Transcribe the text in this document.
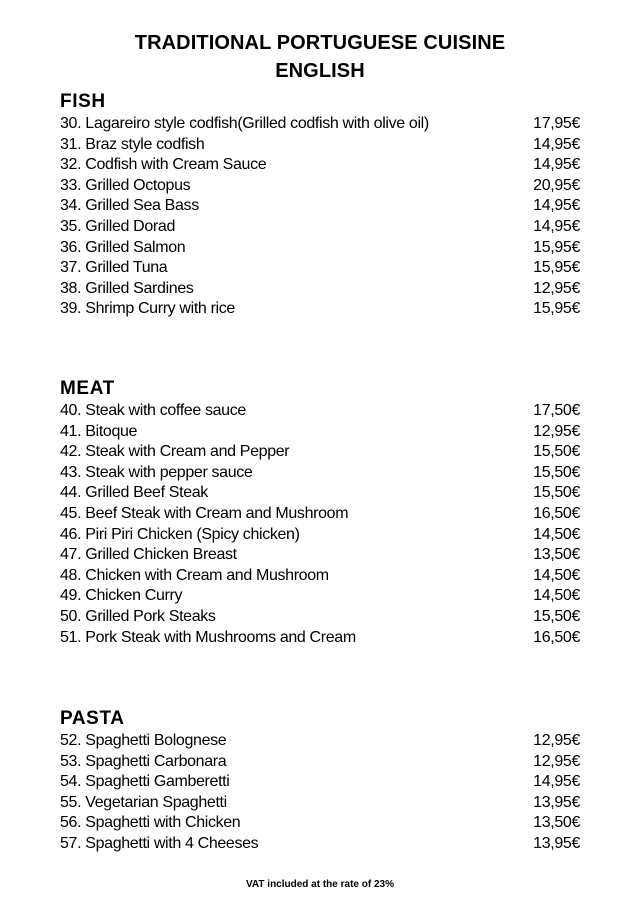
TRADITIONAL PORTUGUESE CUISINE
ENGLISH
FISH
30. Lagareiro style codfish(Grilled codfish with olive oil)	17,95€
31. Braz style codfish	14,95€
32. Codfish with Cream Sauce	14,95€
33. Grilled Octopus	20,95€
34. Grilled Sea Bass	14,95€
35. Grilled Dorad	14,95€
36. Grilled Salmon	15,95€
37. Grilled Tuna	15,95€
38. Grilled Sardines	12,95€
39. Shrimp Curry with rice	15,95€
MEAT
40. Steak with coffee sauce	17,50€
41. Bitoque	12,95€
42. Steak with Cream and Pepper	15,50€
43. Steak with pepper sauce	15,50€
44. Grilled Beef Steak	15,50€
45. Beef Steak with Cream and Mushroom	16,50€
46. Piri Piri Chicken (Spicy chicken)	14,50€
47. Grilled Chicken Breast	13,50€
48. Chicken with Cream and Mushroom	14,50€
49. Chicken Curry	14,50€
50. Grilled Pork Steaks	15,50€
51. Pork Steak with Mushrooms and Cream	16,50€
PASTA
52. Spaghetti Bolognese	12,95€
53. Spaghetti Carbonara	12,95€
54. Spaghetti Gamberetti	14,95€
55. Vegetarian Spaghetti	13,95€
56. Spaghetti with Chicken	13,50€
57. Spaghetti with 4 Cheeses	13,95€
VAT included at the rate of 23%
